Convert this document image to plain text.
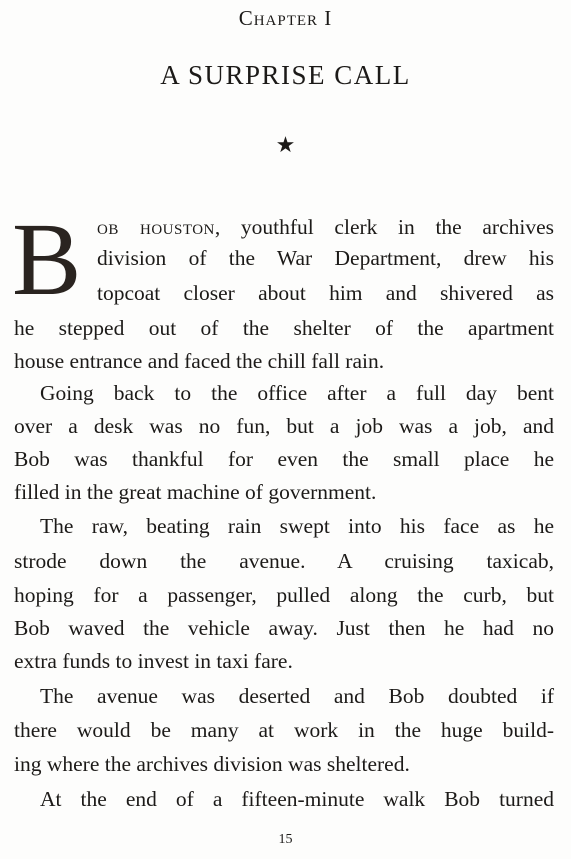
Chapter I
A SURPRISE CALL
★
B ob houston, youthful clerk in the archives
division of the War Department, drew his
topcoat closer about him and shivered as
he stepped out of the shelter of the apartment
house entrance and faced the chill fall rain.
Going back to the office after a full day bent
over a desk was no fun, but a job was a job, and
Bob was thankful for even the small place he
filled in the great machine of government.
The raw, beating rain swept into his face as he
strode down the avenue. A cruising taxicab,
hoping for a passenger, pulled along the curb, but
Bob waved the vehicle away. Just then he had no
extra funds to invest in taxi fare.
The avenue was deserted and Bob doubted if
there would be many at work in the huge build-
ing where the archives division was sheltered.
At the end of a fifteen-minute walk Bob turned
15
